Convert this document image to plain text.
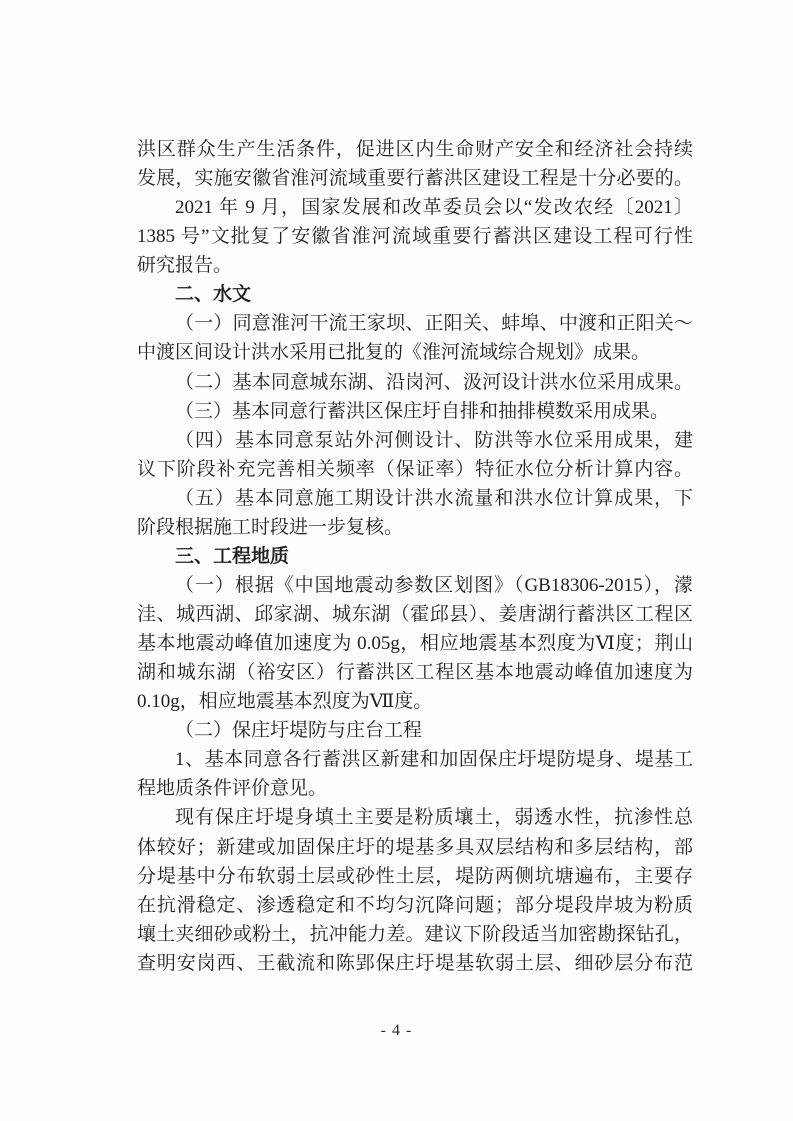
洪区群众生产生活条件，促进区内生命财产安全和经济社会持续
发展，实施安徽省淮河流域重要行蓄洪区建设工程是十分必要的。
2021 年 9 月，国家发展和改革委员会以“发改农经〔2021〕
1385 号”文批复了安徽省淮河流域重要行蓄洪区建设工程可行性
研究报告。
二、水文
（一）同意淮河干流王家坝、正阳关、蚌埠、中渡和正阳关～
中渡区间设计洪水采用已批复的《淮河流域综合规划》成果。
（二）基本同意城东湖、沿岗河、汲河设计洪水位采用成果。
（三）基本同意行蓄洪区保庄圩自排和抽排模数采用成果。
（四）基本同意泵站外河侧设计、防洪等水位采用成果，建
议下阶段补充完善相关频率（保证率）特征水位分析计算内容。
（五）基本同意施工期设计洪水流量和洪水位计算成果，下
阶段根据施工时段进一步复核。
三、工程地质
（一）根据《中国地震动参数区划图》（GB18306-2015），濛
洼、城西湖、邱家湖、城东湖（霍邱县）、姜唐湖行蓄洪区工程区
基本地震动峰值加速度为 0.05g，相应地震基本烈度为Ⅵ度；荆山
湖和城东湖（裕安区）行蓄洪区工程区基本地震动峰值加速度为
0.10g，相应地震基本烈度为Ⅶ度。
（二）保庄圩堤防与庄台工程
1、基本同意各行蓄洪区新建和加固保庄圩堤防堤身、堤基工
程地质条件评价意见。
现有保庄圩堤身填土主要是粉质壤土，弱透水性，抗渗性总
体较好；新建或加固保庄圩的堤基多具双层结构和多层结构，部
分堤基中分布软弱土层或砂性土层，堤防两侧坑塘遍布，主要存
在抗滑稳定、渗透稳定和不均匀沉降问题；部分堤段岸坡为粉质
壤土夹细砂或粉土，抗冲能力差。建议下阶段适当加密勘探钻孔，
查明安岗西、王截流和陈郢保庄圩堤基软弱土层、细砂层分布范
- 4 -
